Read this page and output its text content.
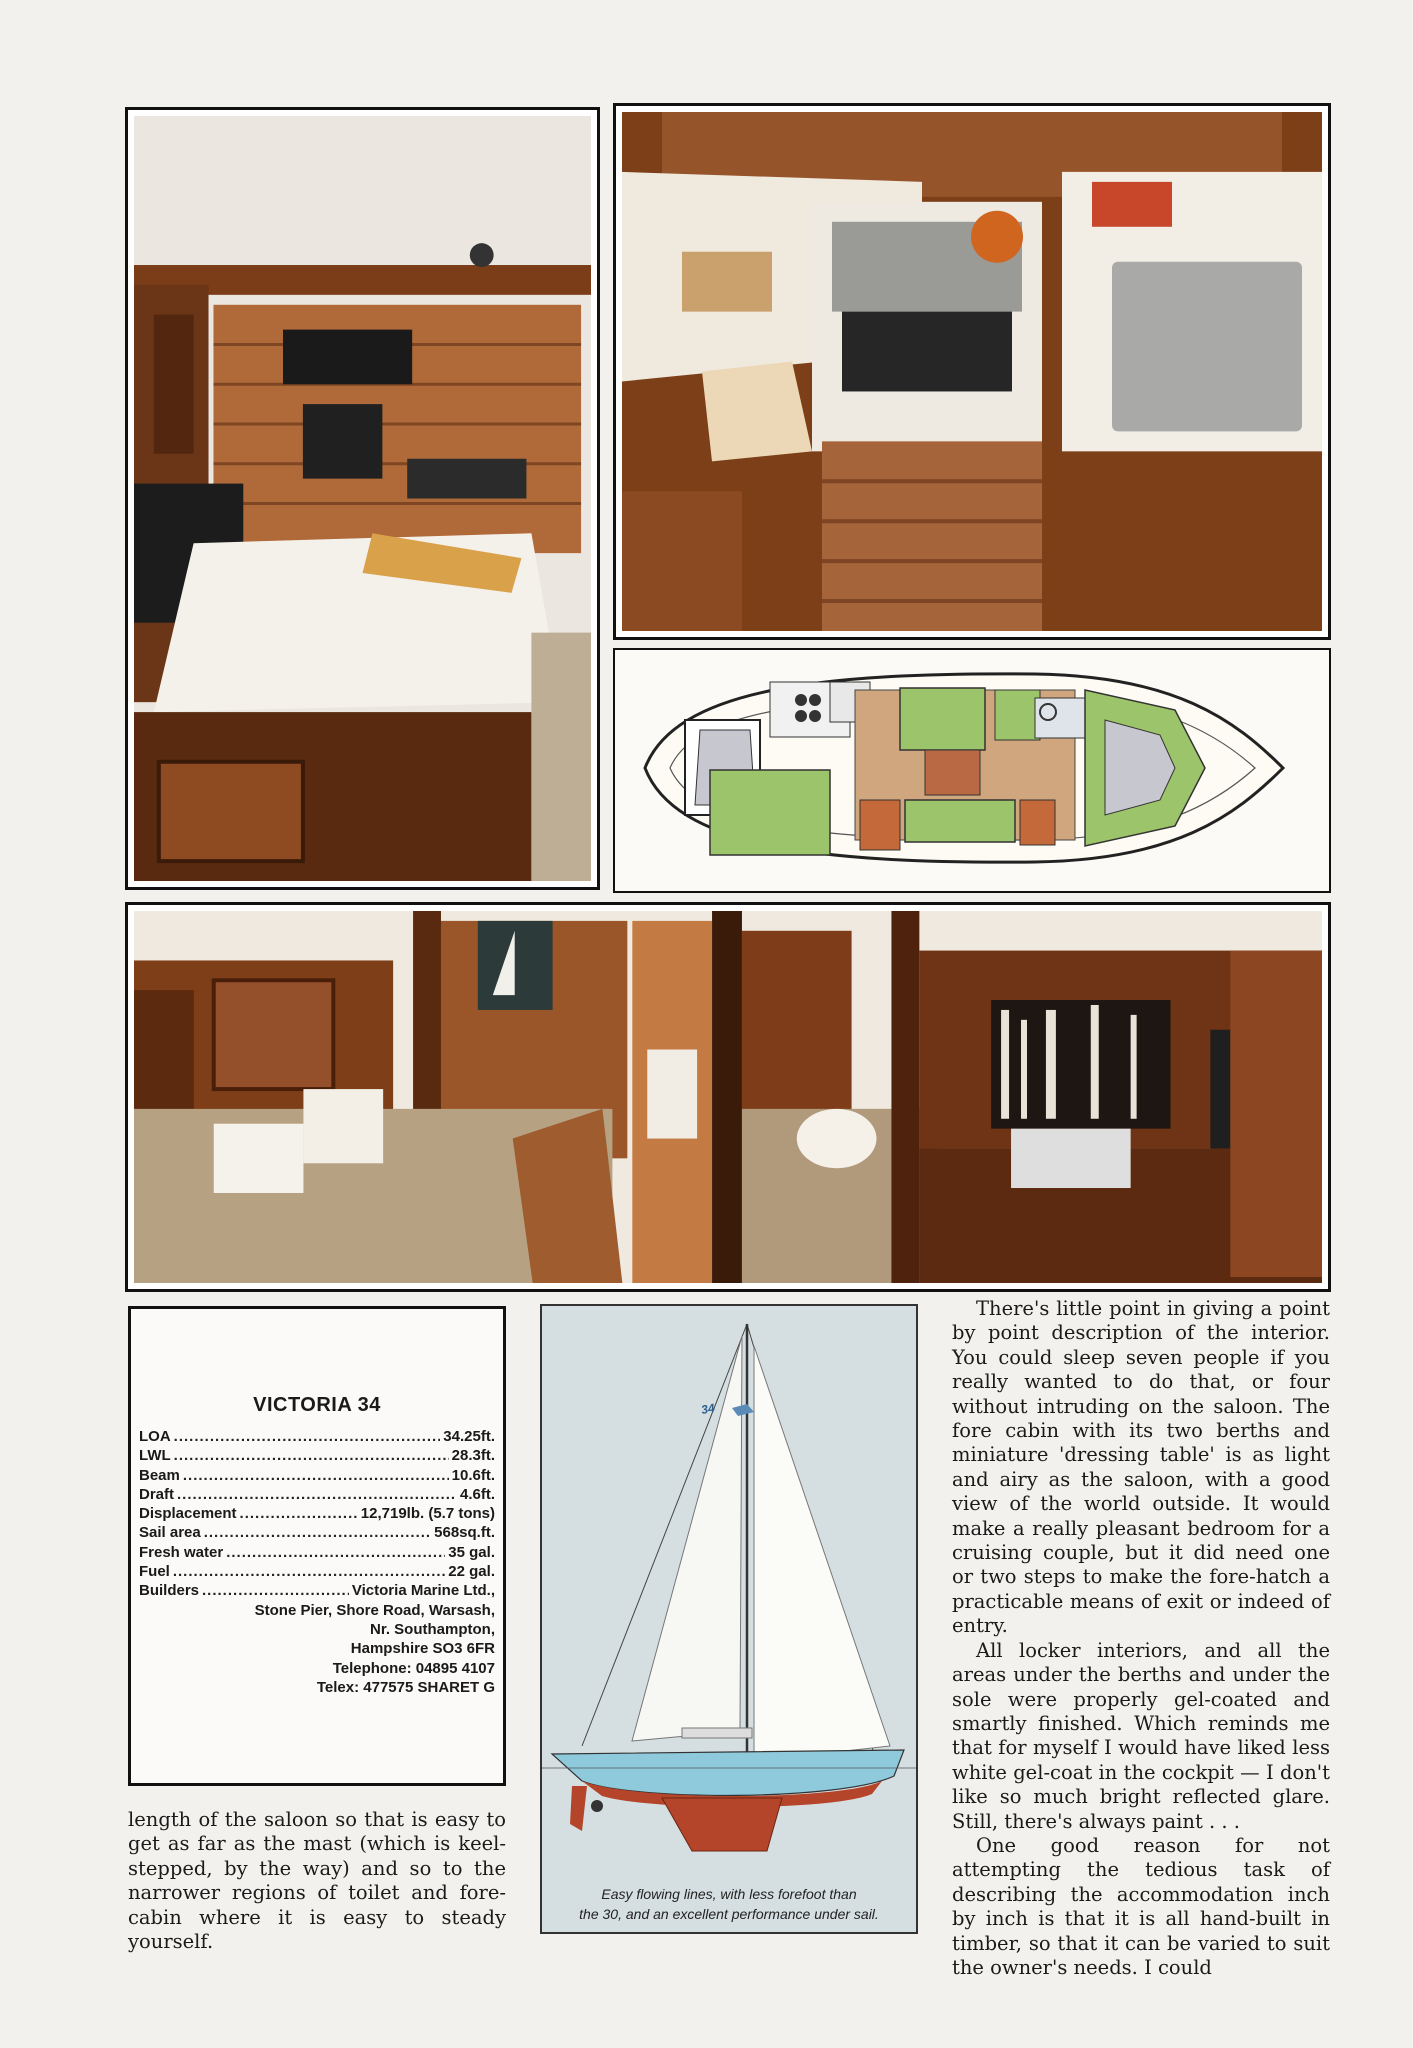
VICTORIA 34
LOA .....	34.25ft.
LWL .....	28.3ft.
Beam .....	10.6ft.
Draft .....	4.6ft.
Displacement .....	12,719lb. (5.7 tons)
Sail area .....	568sq.ft.
Fresh water .....	35 gal.
Fuel .....	22 gal.
Builders .....	Victoria Marine Ltd.,
Stone Pier, Shore Road, Warsash,
Nr. Southampton,
Hampshire SO3 6FR
Telephone: 04895 4107
Telex: 477575 SHARET G
34
Easy flowing lines, with less forefoot than
the 30, and an excellent performance under sail.

length of the saloon so that is easy to get as far as the mast (which is keel-stepped, by the way) and so to the narrower regions of toilet and fore-cabin where it is easy to steady yourself.

There's little point in giving a point by point description of the interior. You could sleep seven people if you really wanted to do that, or four without intruding on the saloon. The fore cabin with its two berths and miniature 'dressing table' is as light and airy as the saloon, with a good view of the world outside. It would make a really pleasant bedroom for a cruising couple, but it did need one or two steps to make the fore-hatch a practicable means of exit or indeed of entry.

All locker interiors, and all the areas under the berths and under the sole were properly gel-coated and smartly finished. Which reminds me that for myself I would have liked less white gel-coat in the cockpit — I don't like so much bright reflected glare. Still, there's always paint . . .

One good reason for not attempting the tedious task of describing the accommodation inch by inch is that it is all hand-built in timber, so that it can be varied to suit the owner's needs. I could
